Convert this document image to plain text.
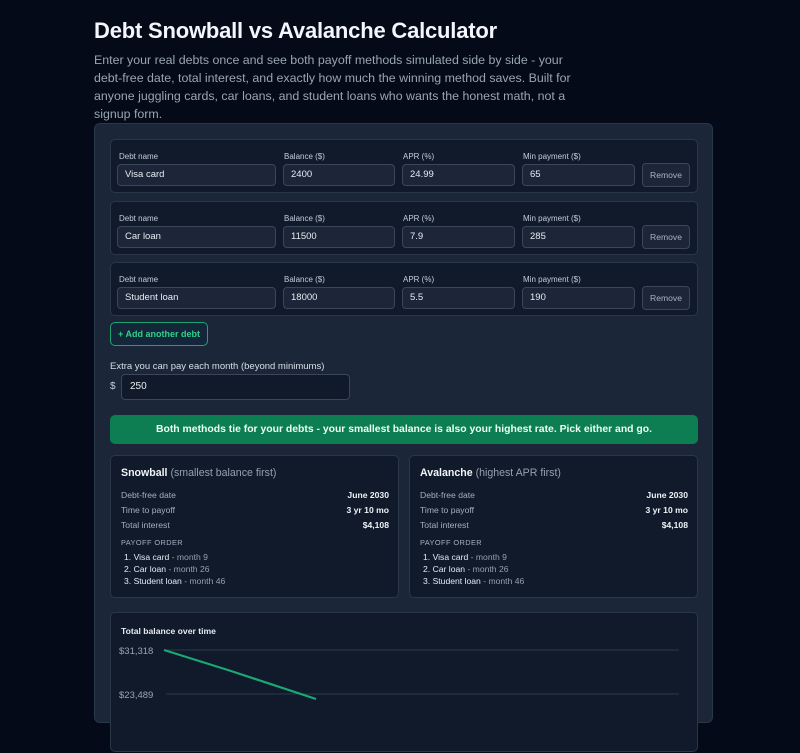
Debt Snowball vs Avalanche Calculator
Enter your real debts once and see both payoff methods simulated side by side - your debt-free date, total interest, and exactly how much the winning method saves. Built for anyone juggling cards, car loans, and student loans who wants the honest math, not a signup form.
Debt name	Balance ($)	APR (%)	Min payment ($)
Visa card	2400	24.99	65	Remove
Debt name	Balance ($)	APR (%)	Min payment ($)
Car loan	11500	7.9	285	Remove
Debt name	Balance ($)	APR (%)	Min payment ($)
Student loan	18000	5.5	190	Remove
+ Add another debt
Extra you can pay each month (beyond minimums)
$	250
Both methods tie for your debts - your smallest balance is also your highest rate. Pick either and go.
Snowball (smallest balance first)
Debt-free date	June 2030
Time to payoff	3 yr 10 mo
Total interest	$4,108
PAYOFF ORDER
1. Visa card - month 9
2. Car loan - month 26
3. Student loan - month 46
Avalanche (highest APR first)
Debt-free date	June 2030
Time to payoff	3 yr 10 mo
Total interest	$4,108
PAYOFF ORDER
1. Visa card - month 9
2. Car loan - month 26
3. Student loan - month 46
Total balance over time
$31,318
$23,489
